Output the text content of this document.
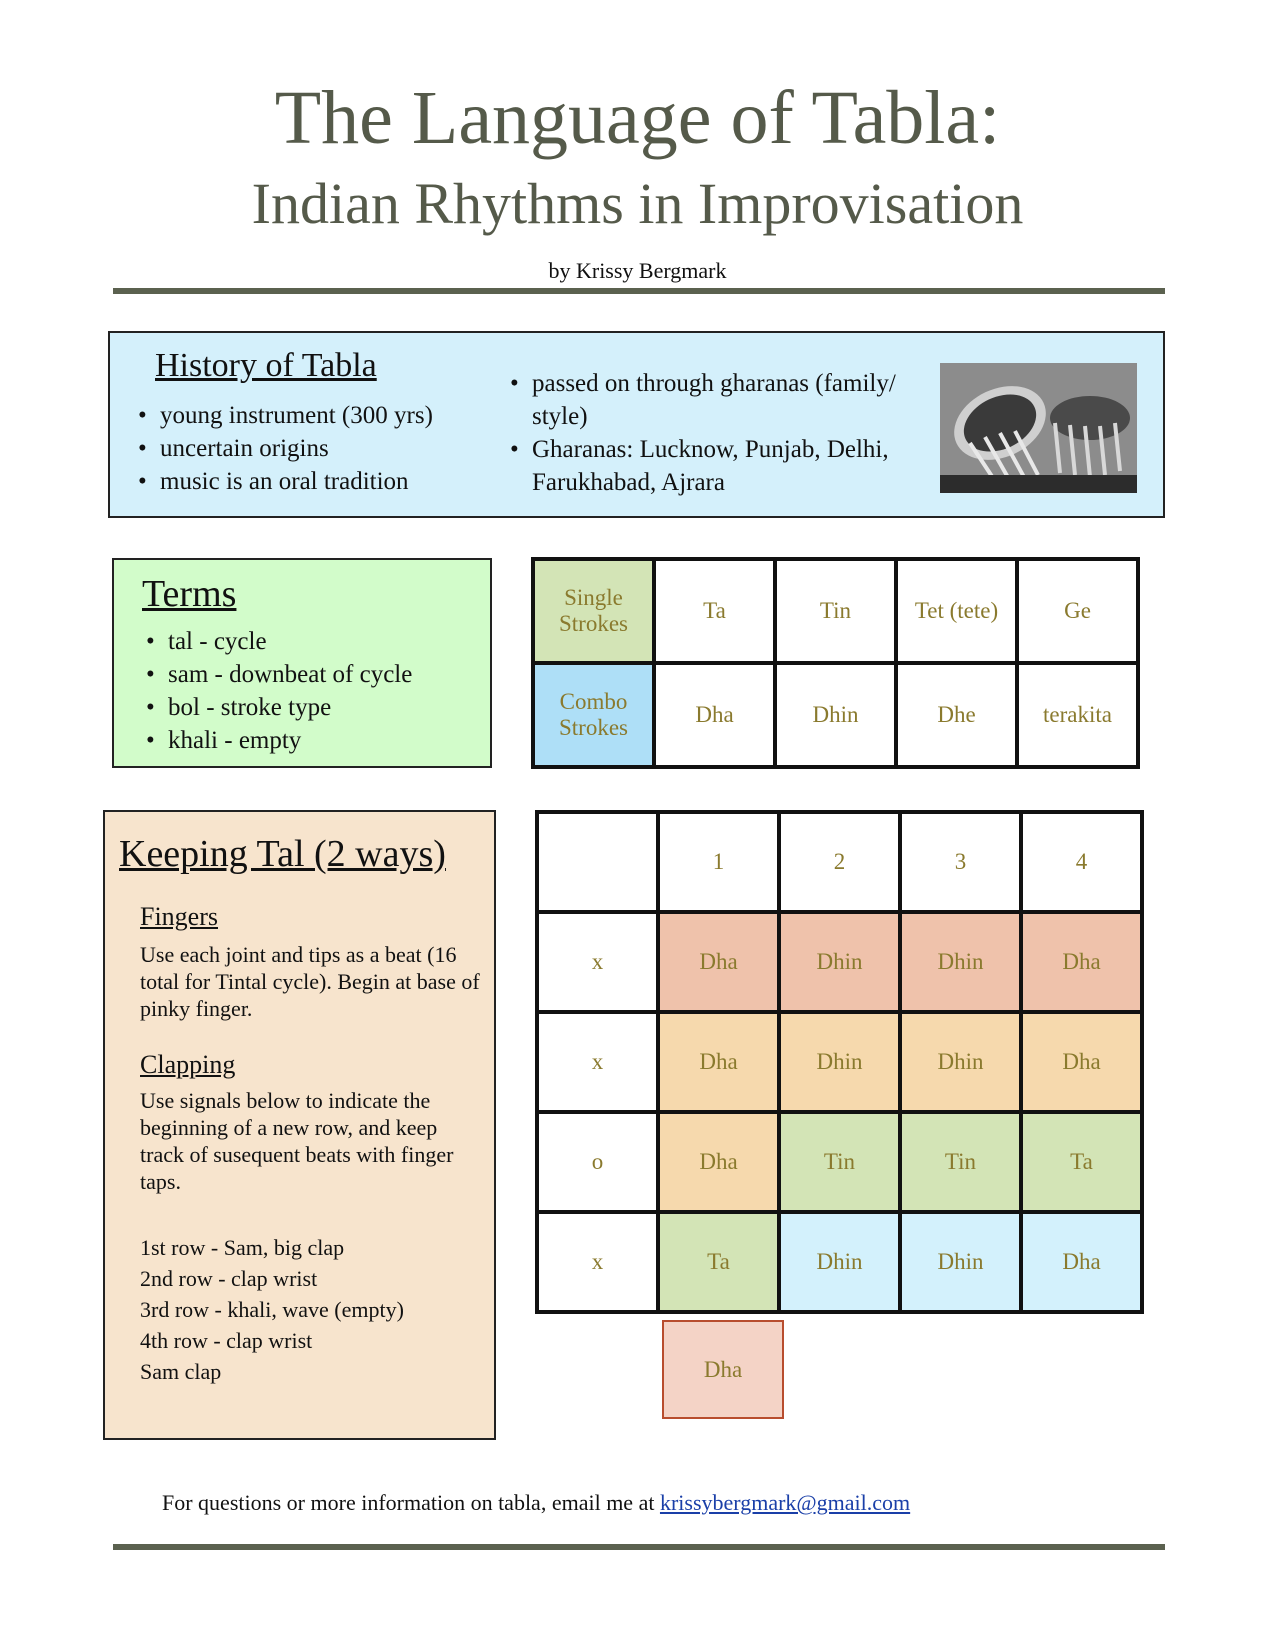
The Language of Tabla:
Indian Rhythms in Improvisation
by Krissy Bergmark
History of Tabla
• young instrument (300 yrs)
• uncertain origins
• music is an oral tradition
• passed on through gharanas (family/ style)
• Gharanas: Lucknow, Punjab, Delhi, Farukhabad, Ajrara
Terms
• tal - cycle
• sam - downbeat of cycle
• bol - stroke type
• khali - empty
Single Strokes	Ta	Tin	Tet (tete)	Ge
Combo Strokes	Dha	Dhin	Dhe	terakita
Keeping Tal (2 ways)
Fingers
Use each joint and tips as a beat (16 total for Tintal cycle). Begin at base of pinky finger.
Clapping
Use signals below to indicate the beginning of a new row, and keep track of susequent beats with finger taps.
1st row - Sam, big clap
2nd row - clap wrist
3rd row - khali, wave (empty)
4th row - clap wrist
Sam clap
	1	2	3	4
x	Dha	Dhin	Dhin	Dha
x	Dha	Dhin	Dhin	Dha
o	Dha	Tin	Tin	Ta
x	Ta	Dhin	Dhin	Dha
Dha
For questions or more information on tabla, email me at krissybergmark@gmail.com
